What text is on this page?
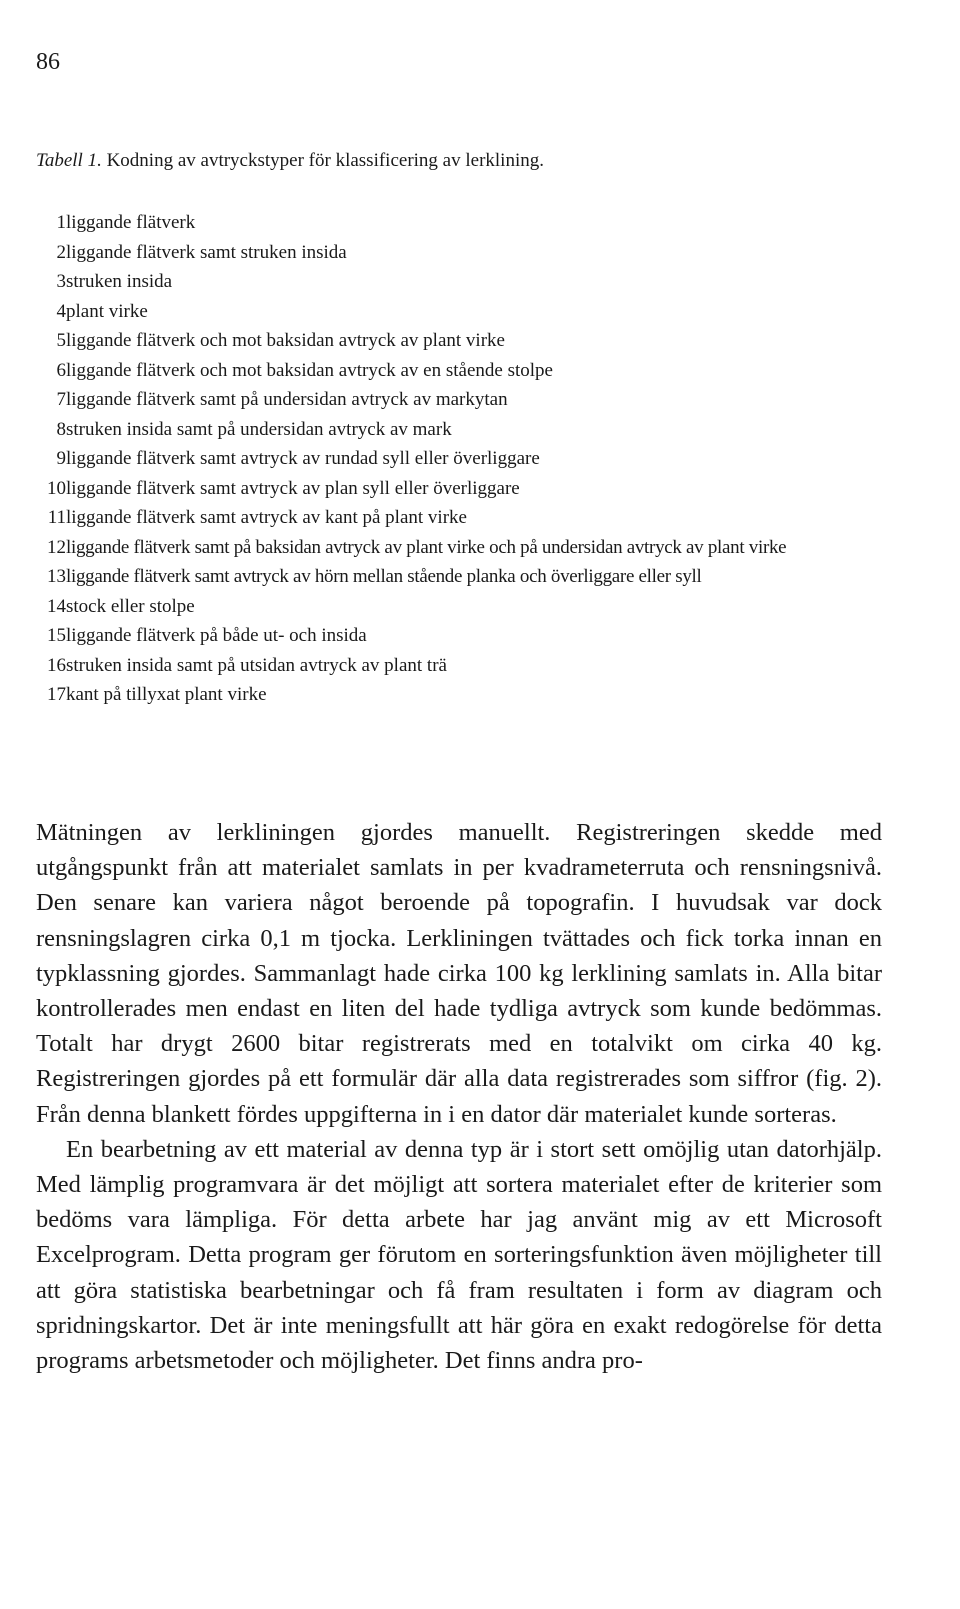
86
Tabell 1. Kodning av avtryckstyper för klassificering av lerklining.
1 liggande flätverk
2 liggande flätverk samt struken insida
3 struken insida
4 plant virke
5 liggande flätverk och mot baksidan avtryck av plant virke
6 liggande flätverk och mot baksidan avtryck av en stående stolpe
7 liggande flätverk samt på undersidan avtryck av markytan
8 struken insida samt på undersidan avtryck av mark
9 liggande flätverk samt avtryck av rundad syll eller överliggare
10 liggande flätverk samt avtryck av plan syll eller överliggare
11 liggande flätverk samt avtryck av kant på plant virke
12 liggande flätverk samt på baksidan avtryck av plant virke och på undersidan avtryck av plant virke
13 liggande flätverk samt avtryck av hörn mellan stående planka och överliggare eller syll
14 stock eller stolpe
15 liggande flätverk på både ut- och insida
16 struken insida samt på utsidan avtryck av plant trä
17 kant på tillyxat plant virke

Mätningen av lerkliningen gjordes manuellt. Registreringen skedde med utgångspunkt från att materialet samlats in per kvadrameterruta och rensningsnivå. Den senare kan variera något beroende på topografin. I huvudsak var dock rensningslagren cirka 0,1 m tjocka. Lerkliningen tvättades och fick torka innan en typklassning gjordes. Sammanlagt hade cirka 100 kg lerklining samlats in. Alla bitar kontrollerades men endast en liten del hade tydliga avtryck som kunde bedömmas. Totalt har drygt 2600 bitar registrerats med en totalvikt om cirka 40 kg. Registreringen gjordes på ett formulär där alla data registrerades som siffror (fig. 2). Från denna blankett fördes uppgifterna in i en dator där materialet kunde sorteras.

En bearbetning av ett material av denna typ är i stort sett omöjlig utan datorhjälp. Med lämplig programvara är det möjligt att sortera materialet efter de kriterier som bedöms vara lämpliga. För detta arbete har jag använt mig av ett Microsoft Excelprogram. Detta program ger förutom en sorteringsfunktion även möjligheter till att göra statistiska bearbetningar och få fram resultaten i form av diagram och spridningskartor. Det är inte meningsfullt att här göra en exakt redogörelse för detta programs arbetsmetoder och möjligheter. Det finns andra pro-
